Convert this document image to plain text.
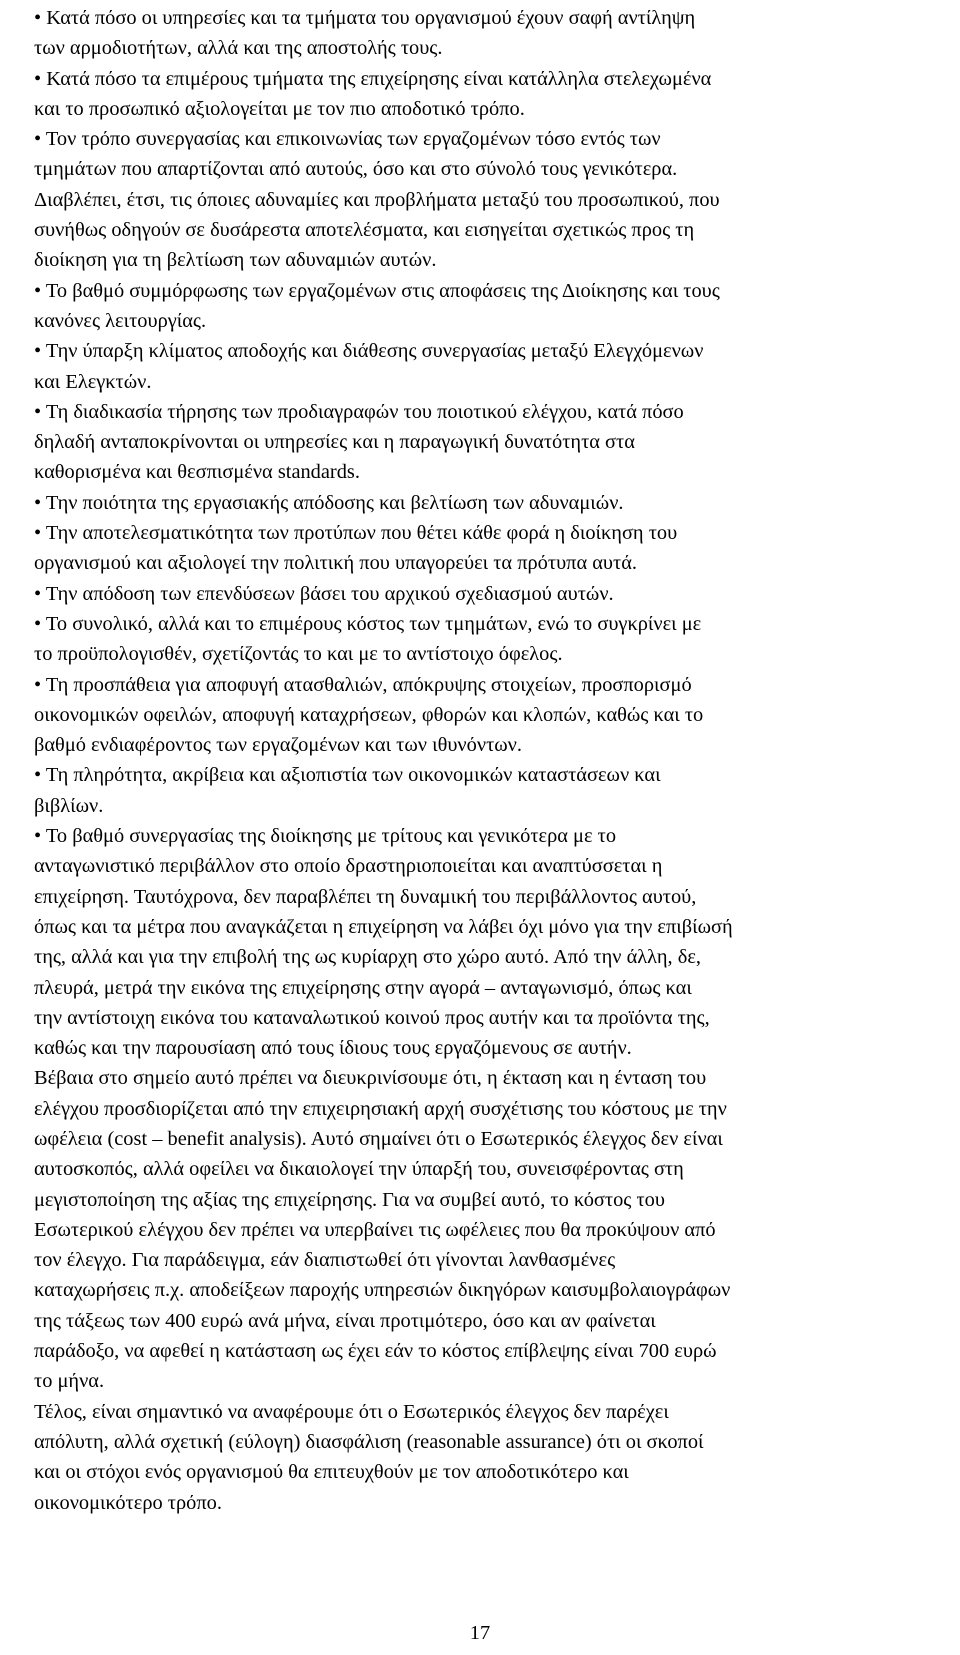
• Κατά πόσο οι υπηρεσίες και τα τμήματα του οργανισμού έχουν σαφή αντίληψη
των αρμοδιοτήτων, αλλά και της αποστολής τους.
• Κατά πόσο τα επιμέρους τμήματα της επιχείρησης είναι κατάλληλα στελεχωμένα
και το προσωπικό αξιολογείται με τον πιο αποδοτικό τρόπο.
• Τον τρόπο συνεργασίας και επικοινωνίας των εργαζομένων τόσο εντός των
τμημάτων που απαρτίζονται από αυτούς, όσο και στο σύνολό τους γενικότερα.
Διαβλέπει, έτσι, τις όποιες αδυναμίες και προβλήματα μεταξύ του προσωπικού, που
συνήθως οδηγούν σε δυσάρεστα αποτελέσματα, και εισηγείται σχετικώς προς τη
διοίκηση για τη βελτίωση των αδυναμιών αυτών.
• Το βαθμό συμμόρφωσης των εργαζομένων στις αποφάσεις της Διοίκησης και τους
κανόνες λειτουργίας.
• Την ύπαρξη κλίματος αποδοχής και διάθεσης συνεργασίας μεταξύ Ελεγχόμενων
και Ελεγκτών.
• Τη διαδικασία τήρησης των προδιαγραφών του ποιοτικού ελέγχου, κατά πόσο
δηλαδή ανταποκρίνονται οι υπηρεσίες και η παραγωγική δυνατότητα στα
καθορισμένα και θεσπισμένα standards.
• Την ποιότητα της εργασιακής απόδοσης και βελτίωση των αδυναμιών.
• Την αποτελεσματικότητα των προτύπων που θέτει κάθε φορά η διοίκηση του
οργανισμού και αξιολογεί την πολιτική που υπαγορεύει τα πρότυπα αυτά.
• Την απόδοση των επενδύσεων βάσει του αρχικού σχεδιασμού αυτών.
• Το συνολικό, αλλά και το επιμέρους κόστος των τμημάτων, ενώ το συγκρίνει με
το προϋπολογισθέν, σχετίζοντάς το και με το αντίστοιχο όφελος.
• Τη προσπάθεια για αποφυγή ατασθαλιών, απόκρυψης στοιχείων, προσπορισμό
οικονομικών οφειλών, αποφυγή καταχρήσεων, φθορών και κλοπών, καθώς και το
βαθμό ενδιαφέροντος των εργαζομένων και των ιθυνόντων.
• Τη πληρότητα, ακρίβεια και αξιοπιστία των οικονομικών καταστάσεων και
βιβλίων.
• Το βαθμό συνεργασίας της διοίκησης με τρίτους και γενικότερα με το
ανταγωνιστικό περιβάλλον στο οποίο δραστηριοποιείται και αναπτύσσεται η
επιχείρηση. Ταυτόχρονα, δεν παραβλέπει τη δυναμική του περιβάλλοντος αυτού,
όπως και τα μέτρα που αναγκάζεται η επιχείρηση να λάβει όχι μόνο για την επιβίωσή
της, αλλά και για την επιβολή της ως κυρίαρχη στο χώρο αυτό. Από την άλλη, δε,
πλευρά, μετρά την εικόνα της επιχείρησης στην αγορά – ανταγωνισμό, όπως και
την αντίστοιχη εικόνα του καταναλωτικού κοινού προς αυτήν και τα προϊόντα της,
καθώς και την παρουσίαση από τους ίδιους τους εργαζόμενους σε αυτήν.
Βέβαια στο σημείο αυτό πρέπει να διευκρινίσουμε ότι, η έκταση και η ένταση του
ελέγχου προσδιορίζεται από την επιχειρησιακή αρχή συσχέτισης του κόστους με την
ωφέλεια (cost – benefit analysis). Αυτό σημαίνει ότι ο Εσωτερικός έλεγχος δεν είναι
αυτοσκοπός, αλλά οφείλει να δικαιολογεί την ύπαρξή του, συνεισφέροντας στη
μεγιστοποίηση της αξίας της επιχείρησης. Για να συμβεί αυτό, το κόστος του
Εσωτερικού ελέγχου δεν πρέπει να υπερβαίνει τις ωφέλειες που θα προκύψουν από
τον έλεγχο. Για παράδειγμα, εάν διαπιστωθεί ότι γίνονται λανθασμένες
καταχωρήσεις π.χ. αποδείξεων παροχής υπηρεσιών δικηγόρων καισυμβολαιογράφων
της τάξεως των 400 ευρώ ανά μήνα, είναι προτιμότερο, όσο και αν φαίνεται
παράδοξο, να αφεθεί η κατάσταση ως έχει εάν το κόστος επίβλεψης είναι 700 ευρώ
το μήνα.
Τέλος, είναι σημαντικό να αναφέρουμε ότι ο Εσωτερικός έλεγχος δεν παρέχει
απόλυτη, αλλά σχετική (εύλογη) διασφάλιση (reasonable assurance) ότι οι σκοποί
και οι στόχοι ενός οργανισμού θα επιτευχθούν με τον αποδοτικότερο και
οικονομικότερο τρόπο.
17
